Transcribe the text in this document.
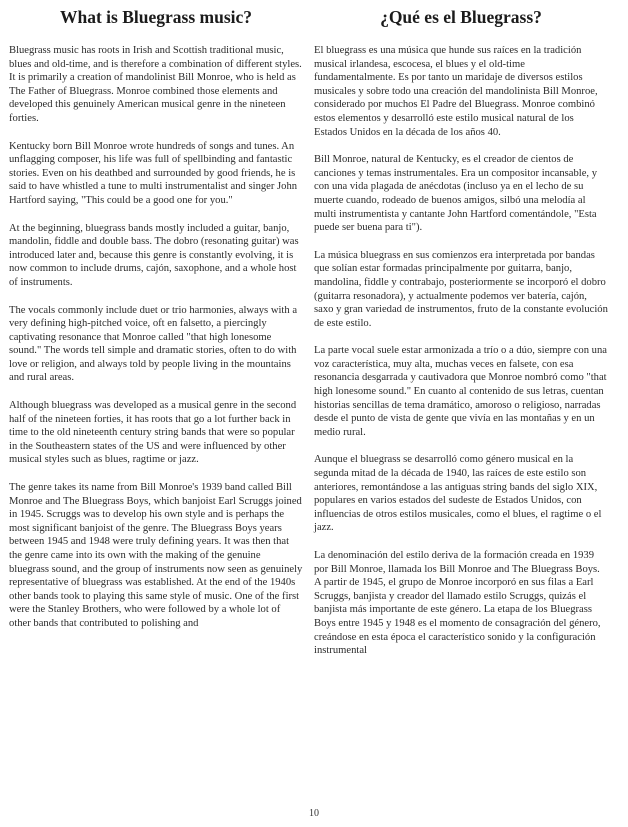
What is Bluegrass music?

Bluegrass music has roots in Irish and Scottish traditional music, blues and old-time, and is therefore a combination of different styles. It is primarily a creation of mandolinist Bill Monroe, who is held as The Father of Bluegrass. Monroe combined those elements and developed this genuinely American musical genre in the nineteen forties.

Kentucky born Bill Monroe wrote hundreds of songs and tunes. An unflagging composer, his life was full of spellbinding and fantastic stories. Even on his deathbed and surrounded by good friends, he is said to have whistled a tune to multi instrumentalist and singer John Hartford saying, "This could be a good one for you."

At the beginning, bluegrass bands mostly included a guitar, banjo, mandolin, fiddle and double bass. The dobro (resonating guitar) was introduced later and, because this genre is constantly evolving, it is now common to include drums, cajón, saxophone, and a whole host of instruments.

The vocals commonly include duet or trio harmonies, always with a very defining high-pitched voice, oft en falsetto, a piercingly captivating resonance that Monroe called "that high lonesome sound." The words tell simple and dramatic stories, often to do with love or religion, and always told by people living in the mountains and rural areas.

Although bluegrass was developed as a musical genre in the second half of the nineteen forties, it has roots that go a lot further back in time to the old nineteenth century string bands that were so popular in the Southeastern states of the US and were influenced by other musical styles such as blues, ragtime or jazz.

The genre takes its name from Bill Monroe's 1939 band called Bill Monroe and The Bluegrass Boys, which banjoist Earl Scruggs joined in 1945. Scruggs was to develop his own style and is perhaps the most significant banjoist of the genre. The Bluegrass Boys years between 1945 and 1948 were truly defining years. It was then that the genre came into its own with the making of the genuine bluegrass sound, and the group of instruments now seen as genuinely representative of bluegrass was established. At the end of the 1940s other bands took to playing this same style of music. One of the first were the Stanley Brothers, who were followed by a whole lot of other bands that contributed to polishing and

¿Qué es el Bluegrass?

El bluegrass es una música que hunde sus raíces en la tradición musical irlandesa, escocesa, el blues y el old-time fundamentalmente. Es por tanto un maridaje de diversos estilos musicales y sobre todo una creación del mandolinista Bill Monroe, considerado por muchos El Padre del Bluegrass. Monroe combinó estos elementos y desarrolló este estilo musical natural de los Estados Unidos en la década de los años 40.

Bill Monroe, natural de Kentucky, es el creador de cientos de canciones y temas instrumentales. Era un compositor incansable, y con una vida plagada de anécdotas (incluso ya en el lecho de su muerte cuando, rodeado de buenos amigos, silbó una melodía al multi instrumentista y cantante John Hartford comentándole, "Esta puede ser buena para ti").

La música bluegrass en sus comienzos era interpretada por bandas que solían estar formadas principalmente por guitarra, banjo, mandolina, fiddle y contrabajo, posteriormente se incorporó el dobro (guitarra resonadora), y actualmente podemos ver batería, cajón, saxo y gran variedad de instrumentos, fruto de la constante evolución de este estilo.

La parte vocal suele estar armonizada a trío o a dúo, siempre con una voz característica, muy alta, muchas veces en falsete, con esa resonancia desgarrada y cautivadora que Monroe nombró como "that high lonesome sound." En cuanto al contenido de sus letras, cuentan historias sencillas de tema dramático, amoroso o religioso, narradas desde el punto de vista de gente que vivía en las montañas y en un medio rural.

Aunque el bluegrass se desarrolló como género musical en la segunda mitad de la década de 1940, las raíces de este estilo son anteriores, remontándose a las antiguas string bands del siglo XIX, populares en varios estados del sudeste de Estados Unidos, con influencias de otros estilos musicales, como el blues, el ragtime o el jazz.

La denominación del estilo deriva de la formación creada en 1939 por Bill Monroe, llamada los Bill Monroe and The Bluegrass Boys. A partir de 1945, el grupo de Monroe incorporó en sus filas a Earl Scruggs, banjista y creador del llamado estilo Scruggs, quizás el banjista más importante de este género. La etapa de los Bluegrass Boys entre 1945 y 1948 es el momento de consagración del género, creándose en esta época el característico sonido y la configuración instrumental

10
